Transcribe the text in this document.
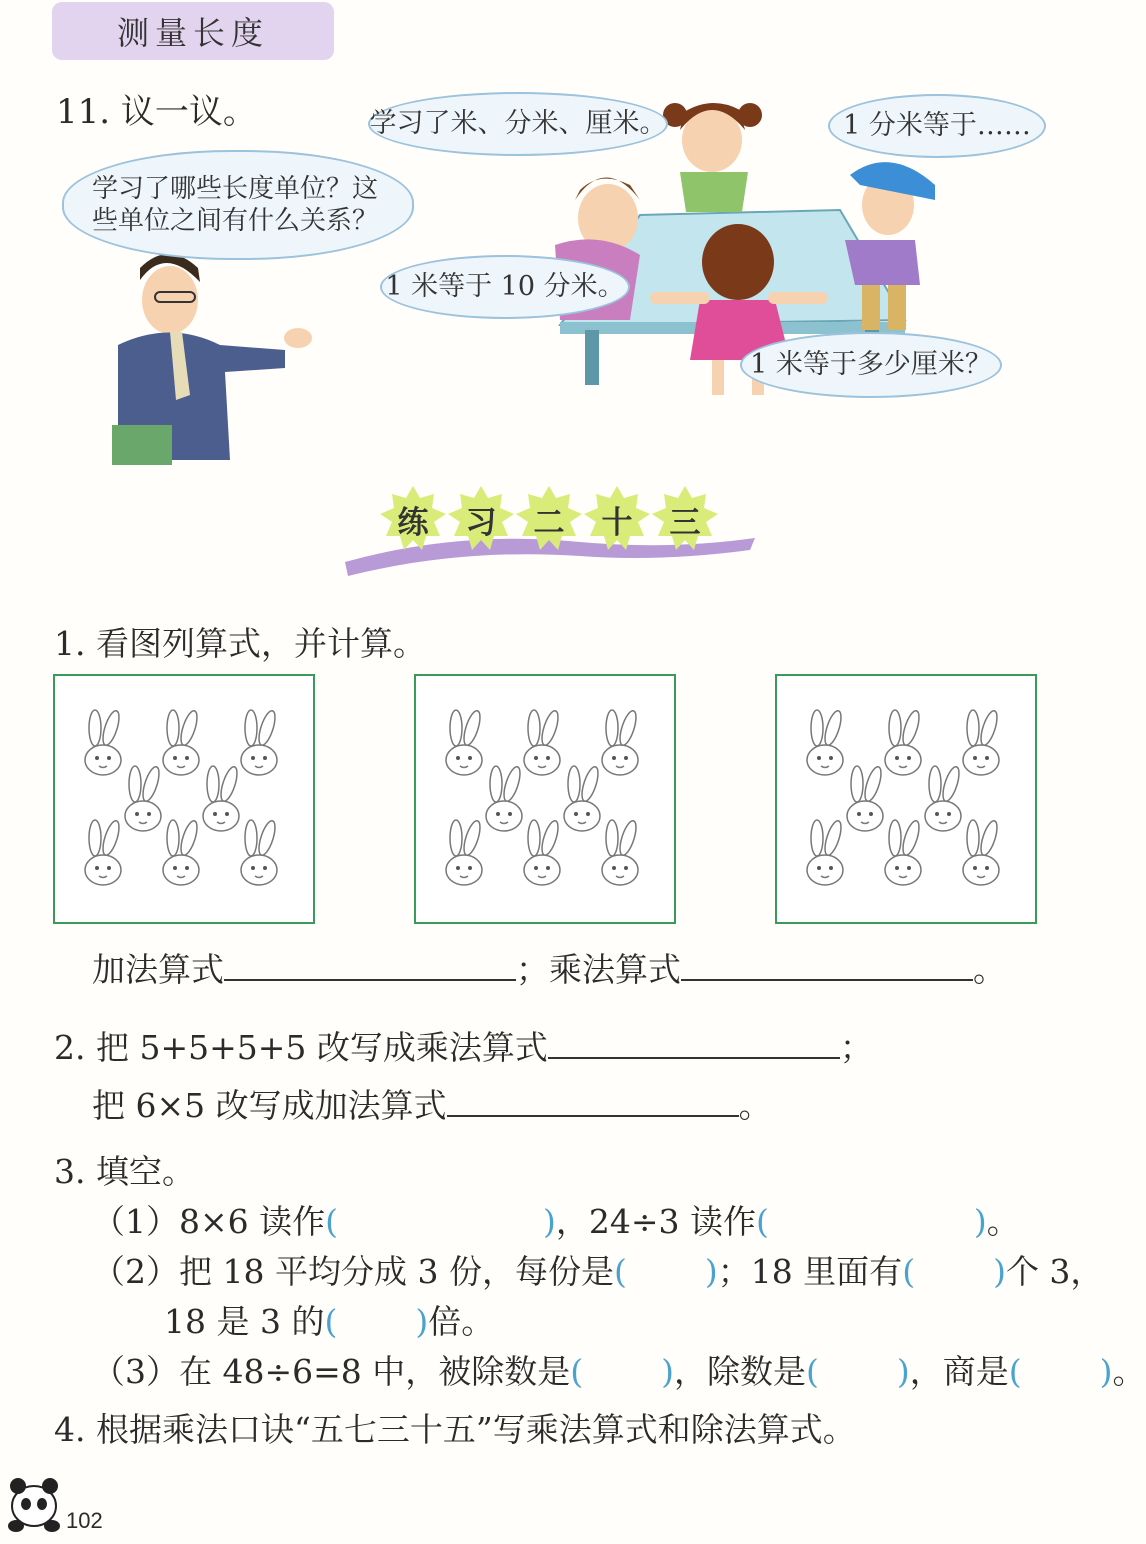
测量长度
11. 议一议。
学习了哪些长度单位？这些单位之间有什么关系？
学习了米、分米、厘米。	1 分米等于……
1 米等于 10 分米。
1 米等于多少厘米？
练 习 二 十 三
1. 看图列算式，并计算。
加法算式	；乘法算式	。
2. 把 5+5+5+5 改写成乘法算式	；
把 6×5 改写成加法算式	。
3. 填空。
（1）8×6 读作(	)，24÷3 读作(	)。
（2）把 18 平均分成 3 份，每份是( )；18 里面有( )个 3，
18 是 3 的( )倍。
（3）在 48÷6=8 中，被除数是( )，除数是( )，商是( )。
4. 根据乘法口诀“五七三十五”写乘法算式和除法算式。
102
